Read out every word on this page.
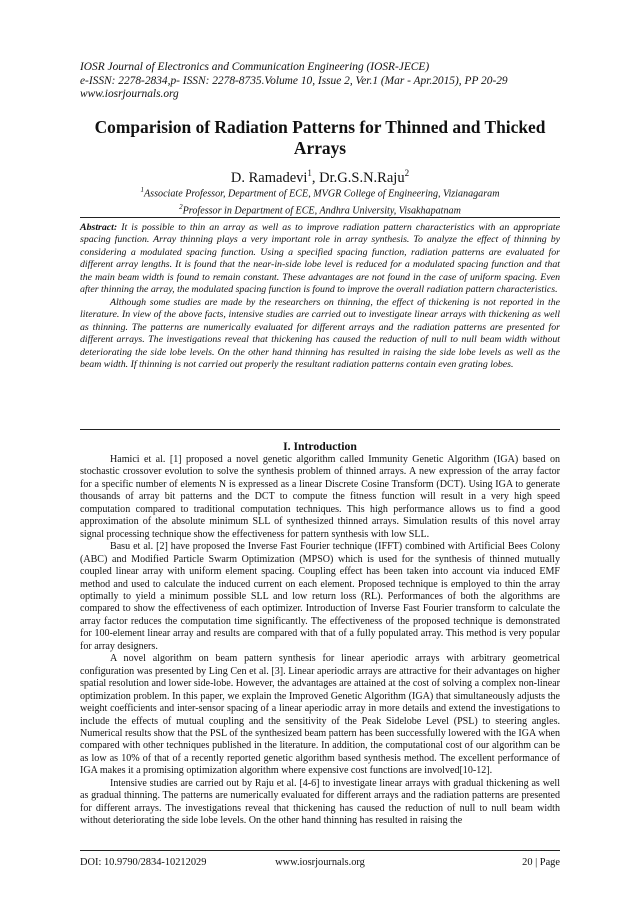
IOSR Journal of Electronics and Communication Engineering (IOSR-JECE)
e-ISSN: 2278-2834,p- ISSN: 2278-8735.Volume 10, Issue 2, Ver.1 (Mar - Apr.2015), PP 20-29
www.iosrjournals.org
Comparision of Radiation Patterns for Thinned and Thicked Arrays
D. Ramadevi$^1$, Dr.G.S.N.Raju$^2$
$^1$Associate Professor, Department of ECE, MVGR College of Engineering, Vizianagaram
$^2$Professor in Department of ECE, Andhra University, Visakhapatnam

Abstract: It is possible to thin an array as well as to improve radiation pattern characteristics with an appropriate spacing function. Array thinning plays a very important role in array synthesis. To analyze the effect of thinning by considering a modulated spacing function. Using a specified spacing function, radiation patterns are evaluated for different array lengths. It is found that the near-in-side lobe level is reduced for a modulated spacing function and that the main beam width is found to remain constant. These advantages are not found in the case of uniform spacing. Even after thinning the array, the modulated spacing function is found to improve the overall radiation pattern characteristics.

Although some studies are made by the researchers on thinning, the effect of thickening is not reported in the literature. In view of the above facts, intensive studies are carried out to investigate linear arrays with thickening as well as thinning. The patterns are numerically evaluated for different arrays and the radiation patterns are presented for different arrays. The investigations reveal that thickening has caused the reduction of null to null beam width without deteriorating the side lobe levels. On the other hand thinning has resulted in raising the side lobe levels as well as the beam width. If thinning is not carried out properly the resultant radiation patterns contain even grating lobes.

I. Introduction

Hamici et al. [1] proposed a novel genetic algorithm called Immunity Genetic Algorithm (IGA) based on stochastic crossover evolution to solve the synthesis problem of thinned arrays. A new expression of the array factor for a specific number of elements N is expressed as a linear Discrete Cosine Transform (DCT). Using IGA to generate thousands of array bit patterns and the DCT to compute the fitness function will result in a very high speed computation compared to traditional computation techniques. This high performance allows us to find a good approximation of the absolute minimum SLL of synthesized thinned arrays. Simulation results of this novel array signal processing technique show the effectiveness for pattern synthesis with low SLL.

Basu et al. [2] have proposed the Inverse Fast Fourier technique (IFFT) combined with Artificial Bees Colony (ABC) and Modified Particle Swarm Optimization (MPSO) which is used for the synthesis of thinned mutually coupled linear array with uniform element spacing. Coupling effect has been taken into account via induced EMF method and used to calculate the induced current on each element. Proposed technique is employed to thin the array optimally to yield a minimum possible SLL and low return loss (RL). Performances of both the algorithms are compared to show the effectiveness of each optimizer. Introduction of Inverse Fast Fourier transform to calculate the array factor reduces the computation time significantly. The effectiveness of the proposed technique is demonstrated for 100-element linear array and results are compared with that of a fully populated array. This method is very popular for array designers.

A novel algorithm on beam pattern synthesis for linear aperiodic arrays with arbitrary geometrical configuration was presented by Ling Cen et al. [3]. Linear aperiodic arrays are attractive for their advantages on higher spatial resolution and lower side-lobe. However, the advantages are attained at the cost of solving a complex non-linear optimization problem. In this paper, we explain the Improved Genetic Algorithm (IGA) that simultaneously adjusts the weight coefficients and inter-sensor spacing of a linear aperiodic array in more details and extend the investigations to include the effects of mutual coupling and the sensitivity of the Peak Sidelobe Level (PSL) to steering angles. Numerical results show that the PSL of the synthesized beam pattern has been successfully lowered with the IGA when compared with other techniques published in the literature. In addition, the computational cost of our algorithm can be as low as 10% of that of a recently reported genetic algorithm based synthesis method. The excellent performance of IGA makes it a promising optimization algorithm where expensive cost functions are involved[10-12].

Intensive studies are carried out by Raju et al. [4-6] to investigate linear arrays with gradual thickening as well as gradual thinning. The patterns are numerically evaluated for different arrays and the radiation patterns are presented for different arrays. The investigations reveal that thickening has caused the reduction of null to null beam width without deteriorating the side lobe levels. On the other hand thinning has resulted in raising the

DOI: 10.9790/2834-10212029	www.iosrjournals.org	20 | Page
